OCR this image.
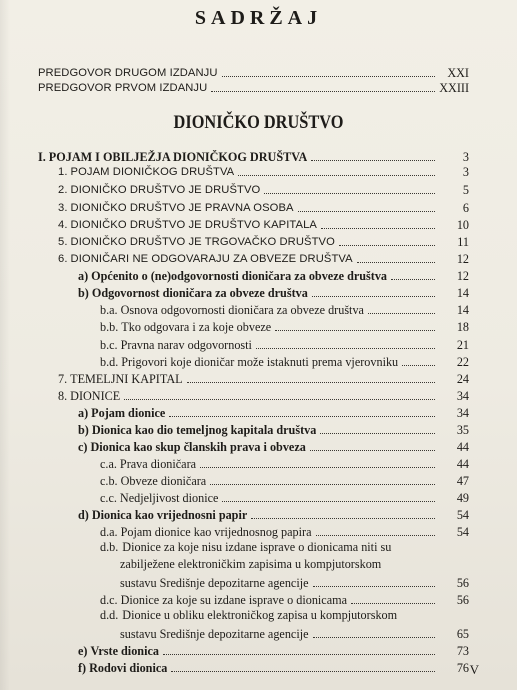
SADRŽAJ
DIONIČKO DRUŠTVO
PREDGOVOR DRUGOM IZDANJU	XXI
PREDGOVOR PRVOM IZDANJU	XXIII
I. POJAM I OBILJEŽJA DIONIČKOG DRUŠTVA	3
1. POJAM DIONIČKOG DRUŠTVA	3
2. DIONIČKO DRUŠTVO JE DRUŠTVO	5
3. DIONIČKO DRUŠTVO JE PRAVNA OSOBA	6
4. DIONIČKO DRUŠTVO JE DRUŠTVO KAPITALA	10
5. DIONIČKO DRUŠTVO JE TRGOVAČKO DRUŠTVO	11
6. DIONIČARI NE ODGOVARAJU ZA OBVEZE DRUŠTVA	12
a) Općenito o (ne)odgovornosti dioničara za obveze društva	12
b) Odgovornost dioničara za obveze društva	14
b.a. Osnova odgovornosti dioničara za obveze društva	14
b.b. Tko odgovara i za koje obveze	18
b.c. Pravna narav odgovornosti	21
b.d. Prigovori koje dioničar može istaknuti prema vjerovniku	22
7. TEMELJNI KAPITAL	24
8. DIONICE	34
a) Pojam dionice	34
b) Dionica kao dio temeljnog kapitala društva	35
c) Dionica kao skup članskih prava i obveza	44
c.a. Prava dioničara	44
c.b. Obveze dioničara	47
c.c. Nedjeljivost dionice	49
d) Dionica kao vrijednosni papir	54
d.a. Pojam dionice kao vrijednosnog papira	54
d.b. Dionice za koje nisu izdane isprave o dionicama niti su
zabilježene elektroničkim zapisima u kompjutorskom
sustavu Središnje depozitarne agencije	56
d.c. Dionice za koje su izdane isprave o dionicama	56
d.d. Dionice u obliku elektroničkog zapisa u kompjutorskom
sustavu Središnje depozitarne agencije	65
e) Vrste dionica	73
f) Rodovi dionica	76 V
